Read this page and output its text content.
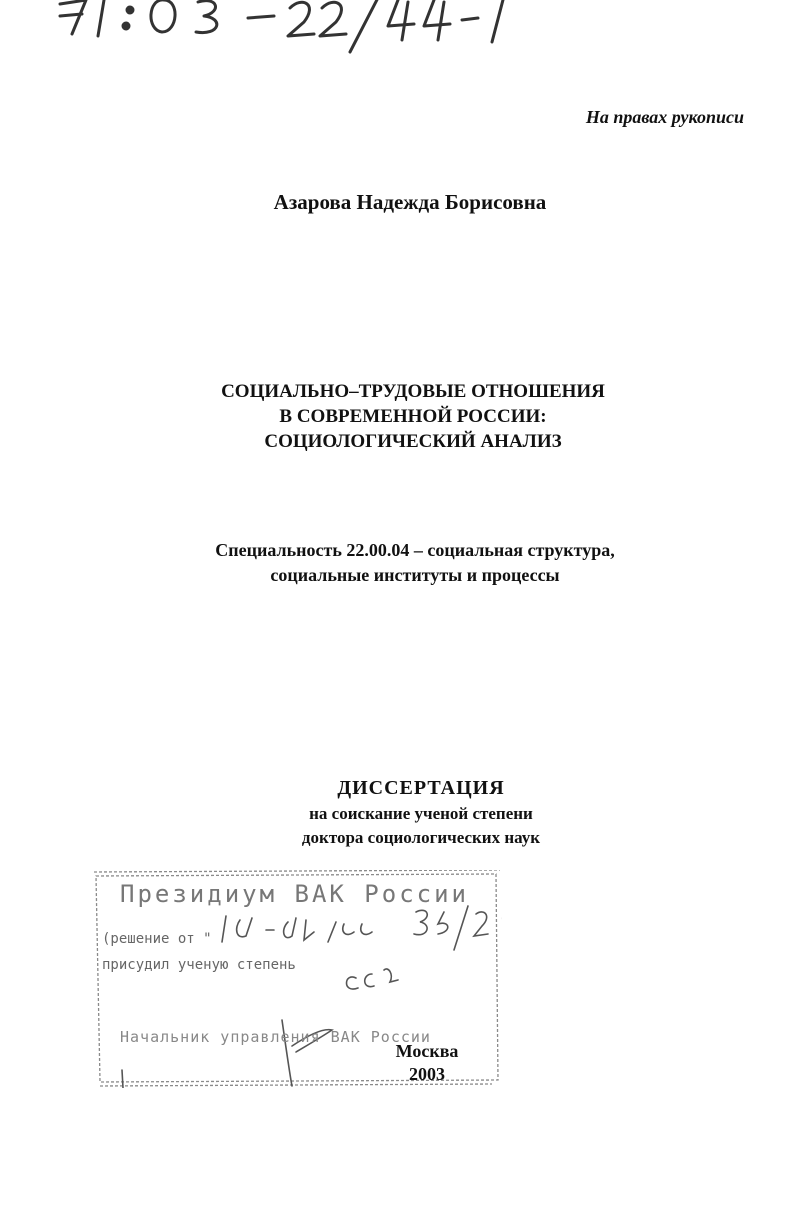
На правах рукописи
Азарова Надежда Борисовна
СОЦИАЛЬНО–ТРУДОВЫЕ ОТНОШЕНИЯ
В СОВРЕМЕННОЙ РОССИИ:
СОЦИОЛОГИЧЕСКИЙ АНАЛИЗ
Специальность 22.00.04 – социальная структура,
социальные институты и процессы
ДИССЕРТАЦИЯ
на соискание ученой степени
доктора социологических наук
Президиум ВАК России
(решение от "
присудил ученую степень
Начальник управления ВАК России
Москва
2003
